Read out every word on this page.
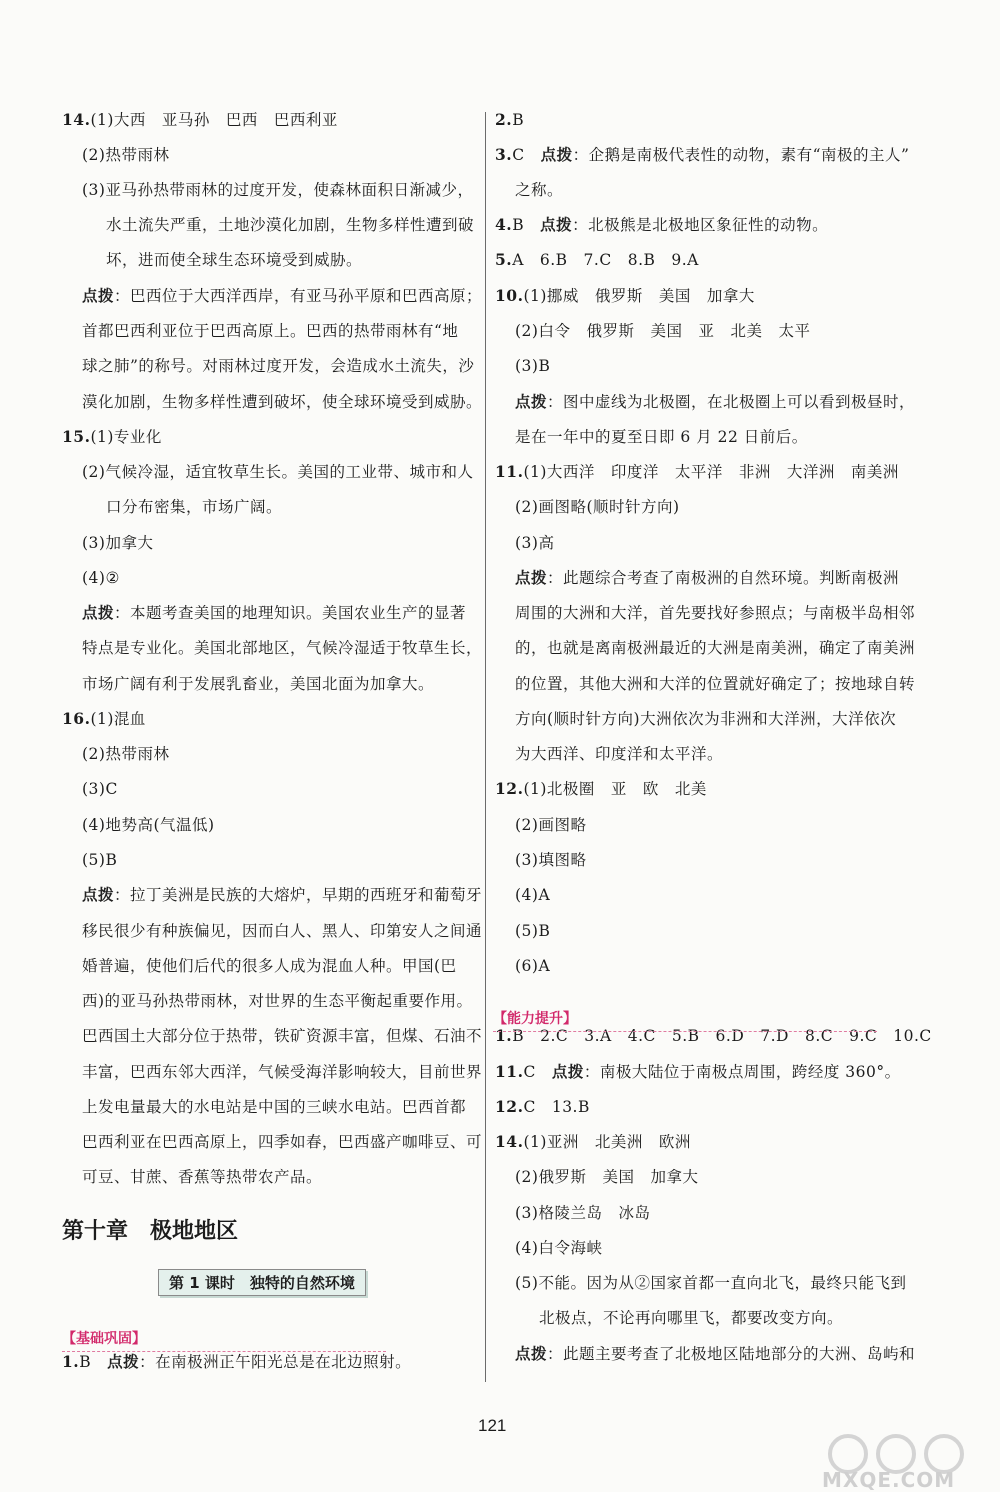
14.(1)大西　亚马孙　巴西　巴西利亚
(2)热带雨林
(3)亚马孙热带雨林的过度开发，使森林面积日渐减少，
水土流失严重，土地沙漠化加剧，生物多样性遭到破
坏，进而使全球生态环境受到威胁。
点拨：巴西位于大西洋西岸，有亚马孙平原和巴西高原；
首都巴西利亚位于巴西高原上。巴西的热带雨林有“地
球之肺”的称号。对雨林过度开发，会造成水土流失，沙
漠化加剧，生物多样性遭到破坏，使全球环境受到威胁。
15.(1)专业化
(2)气候冷湿，适宜牧草生长。美国的工业带、城市和人
口分布密集，市场广阔。
(3)加拿大
(4)②
点拨：本题考查美国的地理知识。美国农业生产的显著
特点是专业化。美国北部地区，气候冷湿适于牧草生长，
市场广阔有利于发展乳畜业，美国北面为加拿大。
16.(1)混血
(2)热带雨林
(3)C
(4)地势高(气温低)
(5)B
点拨：拉丁美洲是民族的大熔炉，早期的西班牙和葡萄牙
移民很少有种族偏见，因而白人、黑人、印第安人之间通
婚普遍，使他们后代的很多人成为混血人种。甲国(巴
西)的亚马孙热带雨林，对世界的生态平衡起重要作用。
巴西国土大部分位于热带，铁矿资源丰富，但煤、石油不
丰富，巴西东邻大西洋，气候受海洋影响较大，目前世界
上发电量最大的水电站是中国的三峡水电站。巴西首都
巴西利亚在巴西高原上，四季如春，巴西盛产咖啡豆、可
可豆、甘蔗、香蕉等热带农产品。
1.B　点拨：在南极洲正午阳光总是在北边照射。
2.B
3.C　点拨：企鹅是南极代表性的动物，素有“南极的主人”
之称。
4.B　点拨：北极熊是北极地区象征性的动物。
5.A　6.B　7.C　8.B　9.A
10.(1)挪威　俄罗斯　美国　加拿大
(2)白令　俄罗斯　美国　亚　北美　太平
(3)B
点拨：图中虚线为北极圈，在北极圈上可以看到极昼时，
是在一年中的夏至日即 6 月 22 日前后。
11.(1)大西洋　印度洋　太平洋　非洲　大洋洲　南美洲
(2)画图略(顺时针方向)
(3)高
点拨：此题综合考查了南极洲的自然环境。判断南极洲
周围的大洲和大洋，首先要找好参照点；与南极半岛相邻
的，也就是离南极洲最近的大洲是南美洲，确定了南美洲
的位置，其他大洲和大洋的位置就好确定了；按地球自转
方向(顺时针方向)大洲依次为非洲和大洋洲，大洋依次
为大西洋、印度洋和太平洋。
12.(1)北极圈　亚　欧　北美
(2)画图略
(3)填图略
(4)A
(5)B
(6)A
1.B　2.C　3.A　4.C　5.B　6.D　7.D　8.C　9.C　10.C
11.C　点拨：南极大陆位于南极点周围，跨经度 360°。
12.C　13.B
14.(1)亚洲　北美洲　欧洲
(2)俄罗斯　美国　加拿大
(3)格陵兰岛　冰岛
(4)白令海峡
(5)不能。因为从②国家首都一直向北飞，最终只能飞到
北极点，不论再向哪里飞，都要改变方向。
点拨：此题主要考查了北极地区陆地部分的大洲、岛屿和
第十章　极地地区
第 1 课时　独特的自然环境
【基础巩固】
【能力提升】
121
MXQE.COM
